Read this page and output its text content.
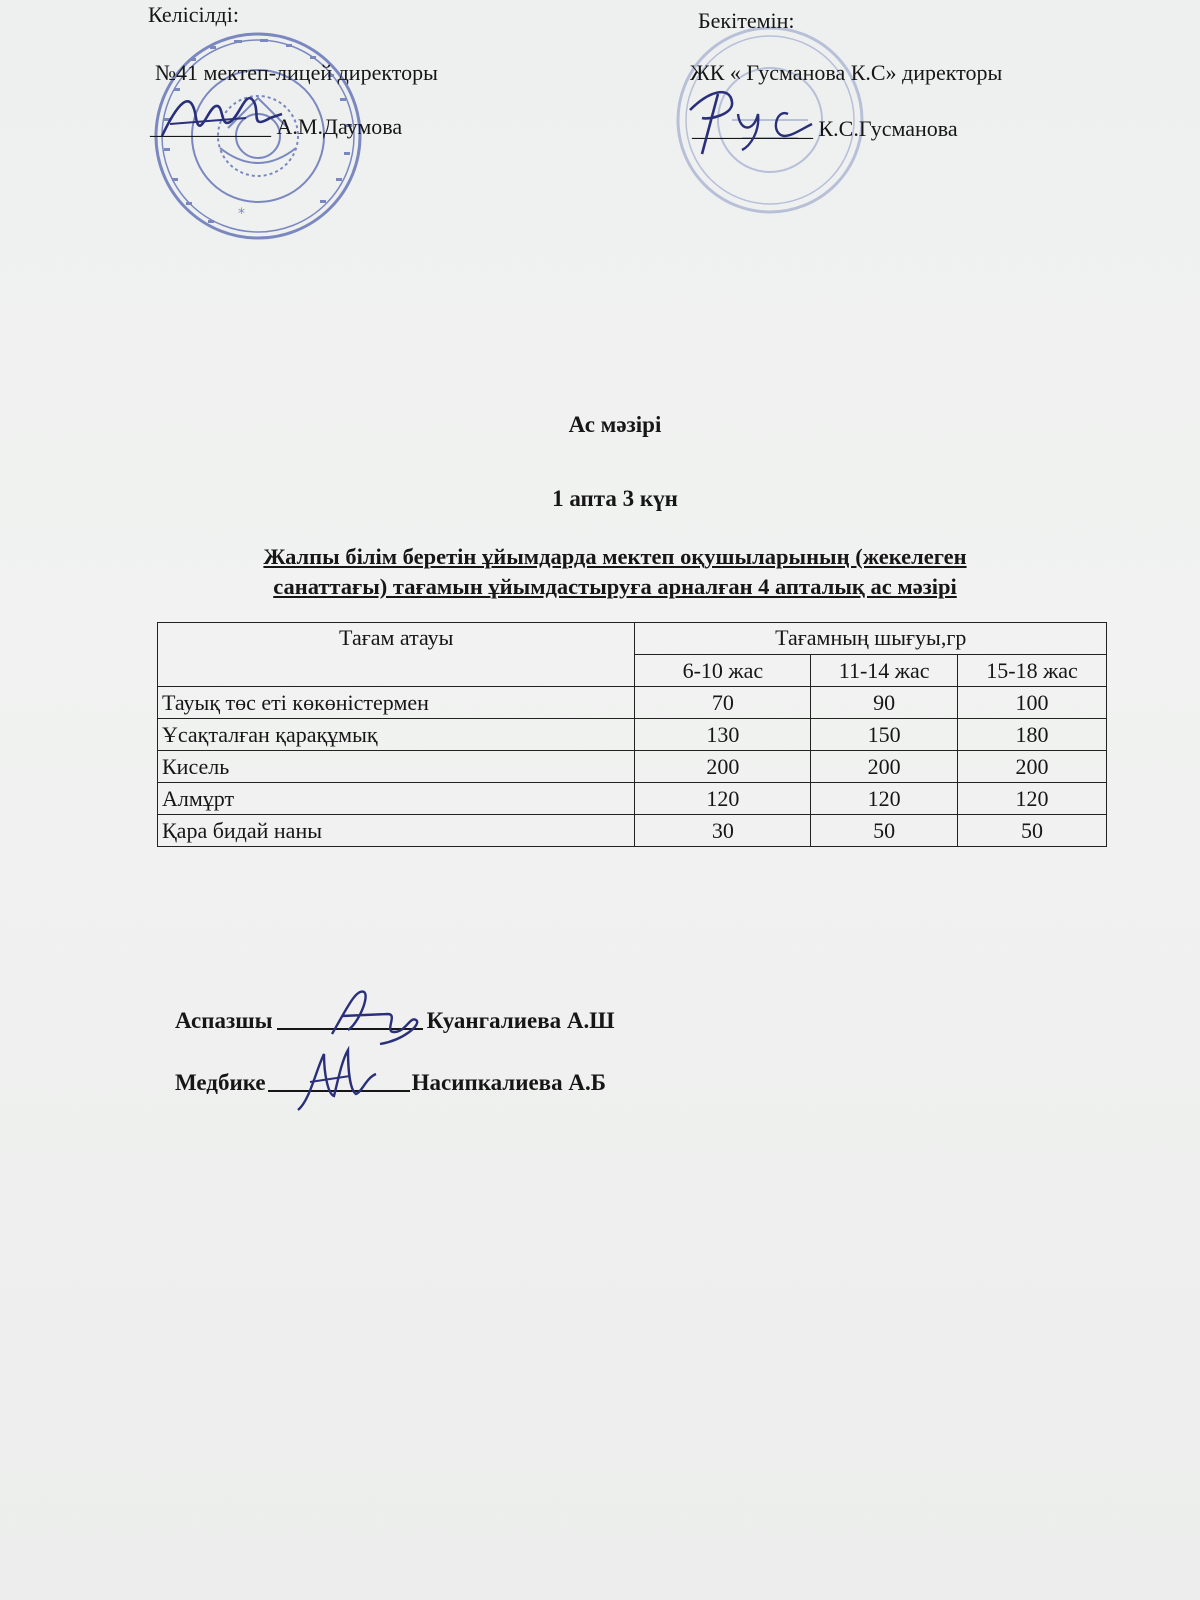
*
Келісілді:
№41 мектеп-лицей директоры
___________ А.М.Даумова
Бекітемін:
ЖК « Гусманова К.С» директоры
___________ К.С.Гусманова
Ас мәзірі
1 апта 3 күн
Жалпы білім беретін ұйымдарда мектеп оқушыларының (жекелеген
санаттағы) тағамын ұйымдастыруға арналған 4 апталық ас мәзірі
Тағам атауы	Тағамның шығуы,гр		
	6-10 жас	11-14 жас	15-18 жас
Тауық төс еті көкөністермен	70	90	100
Ұсақталған қарақұмық	130	150	180
Кисель	200	200	200
Алмұрт	120	120	120
Қара бидай наны	30	50	50
Аспазшы	Куангалиева А.Ш
Медбике	Насипкалиева А.Б
